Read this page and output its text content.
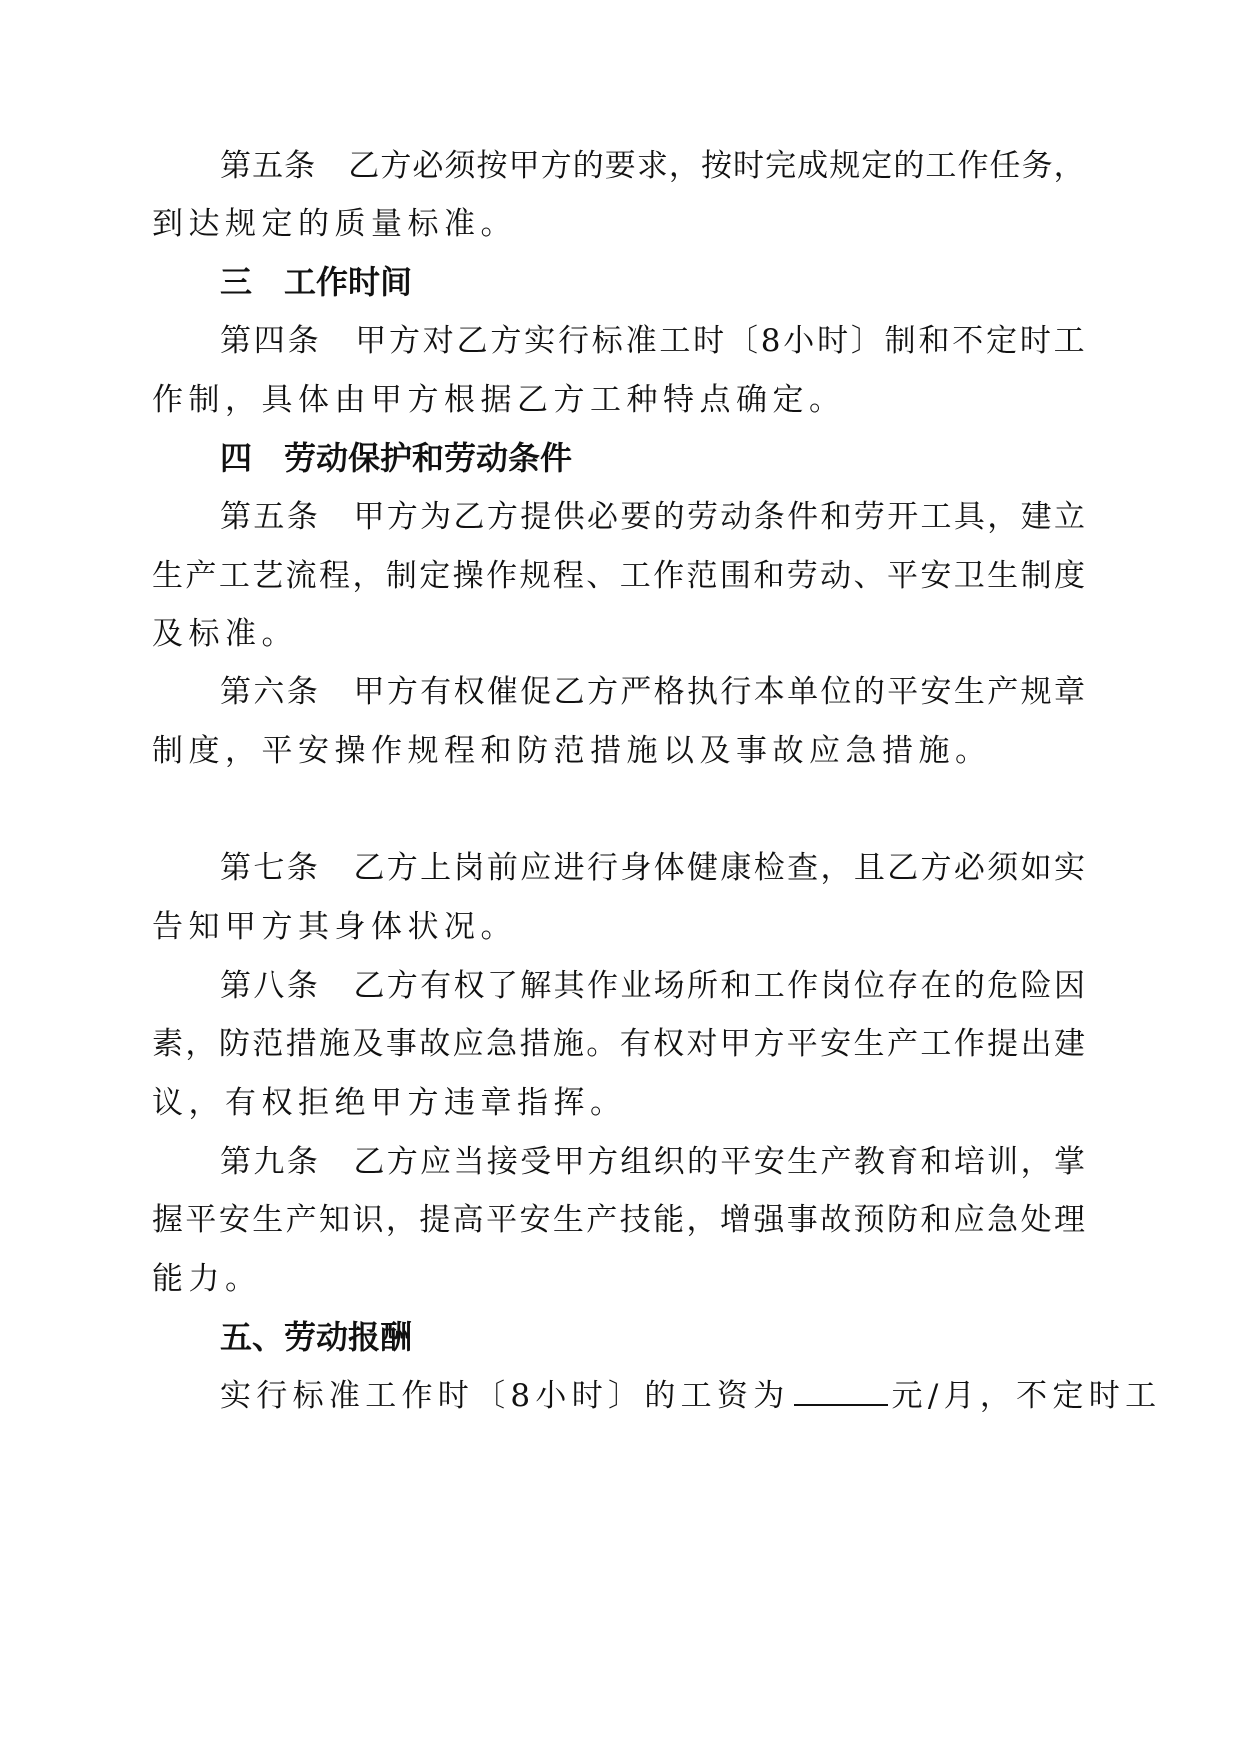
第 五 条
　 乙 方 必 须 按 甲 方 的 要 求 ， 按 时 完 成 规 定 的 工 作 任 务 ，
到达规定的质量标准。
三　工作时间
第 四 条
　 甲 方 对 乙 方 实 行 标 准 工 时 〔 8 小 时 〕 制 和 不 定 时 工
作制，具体由甲方根据乙方工种特点确定。
四　劳动保护和劳动条件
第 五 条
　 甲 方 为 乙 方 提 供 必 要 的 劳 动 条 件 和 劳 开 工 具 ， 建 立
生 产 工 艺 流 程 ， 制 定 操 作 规 程 、 工 作 范 围 和 劳 动 、 平 安 卫 生 制 度
及标准。
第 六 条
　 甲 方 有 权 催 促 乙 方 严 格 执 行 本 单 位 的 平 安 生 产 规 章
制度，平安操作规程和防范措施以及事故应急措施。
第 七 条
　 乙 方 上 岗 前 应 进 行 身 体 健 康 检 查 ， 且 乙 方 必 须 如 实
告知甲方其身体状况。
第 八 条
　 乙 方 有 权 了 解 其 作 业 场 所 和 工 作 岗 位 存 在 的 危 险 因
素 ， 防 范 措 施 及 事 故 应 急 措 施 。 有 权 对 甲 方 平 安 生 产 工 作 提 出 建
议，有权拒绝甲方违章指挥。
第 九 条
　 乙 方 应 当 接 受 甲 方 组 织 的 平 安 生 产 教 育 和 培 训 ， 掌
握 平 安 生 产 知 识 ， 提 高 平 安 生 产 技 能 ， 增 强 事 故 预 防 和 应 急 处 理
能力。
五、劳动报酬
实行标准工作时〔8小时〕的工资为	元/月，不定时工
